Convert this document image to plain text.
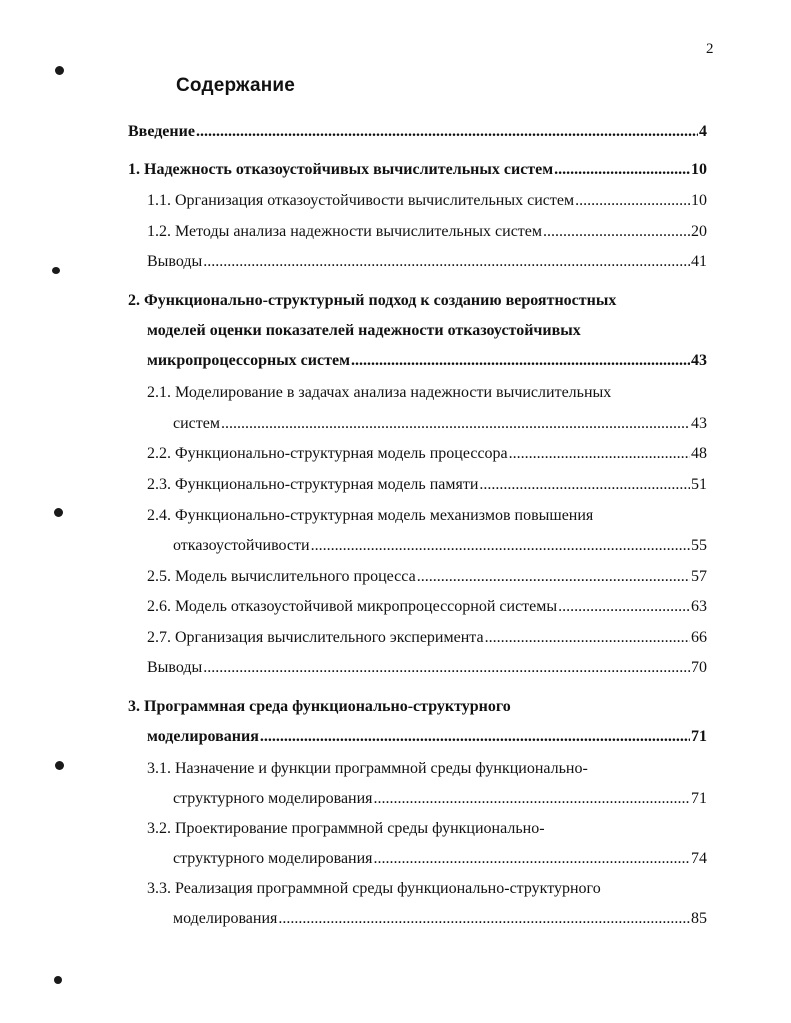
2
Содержание
Введение . . .	4
1. Надежность отказоустойчивых вычислительных систем . . .	10
1.1. Организация отказоустойчивости вычислительных систем . . .	10
1.2. Методы анализа надежности вычислительных систем . . .	20
Выводы . . .	41
2. Функционально-структурный подход к созданию вероятностных
моделей оценки показателей надежности отказоустойчивых
микропроцессорных систем . . .	43
2.1. Моделирование в задачах анализа надежности вычислительных
систем . . .	43
2.2. Функционально-структурная модель процессора . . .	48
2.3. Функционально-структурная модель памяти . . .	51
2.4. Функционально-структурная модель механизмов повышения
отказоустойчивости . . .	55
2.5. Модель вычислительного процесса . . .	57
2.6. Модель отказоустойчивой микропроцессорной системы . . .	63
2.7. Организация вычислительного эксперимента . . .	66
Выводы . . .	70
3. Программная среда функционально-структурного
моделирования . . .	71
3.1. Назначение и функции программной среды функционально-
структурного моделирования . . .	71
3.2. Проектирование программной среды функционально-
структурного моделирования . . .	74
3.3. Реализация программной среды функционально-структурного
моделирования . . .	85
